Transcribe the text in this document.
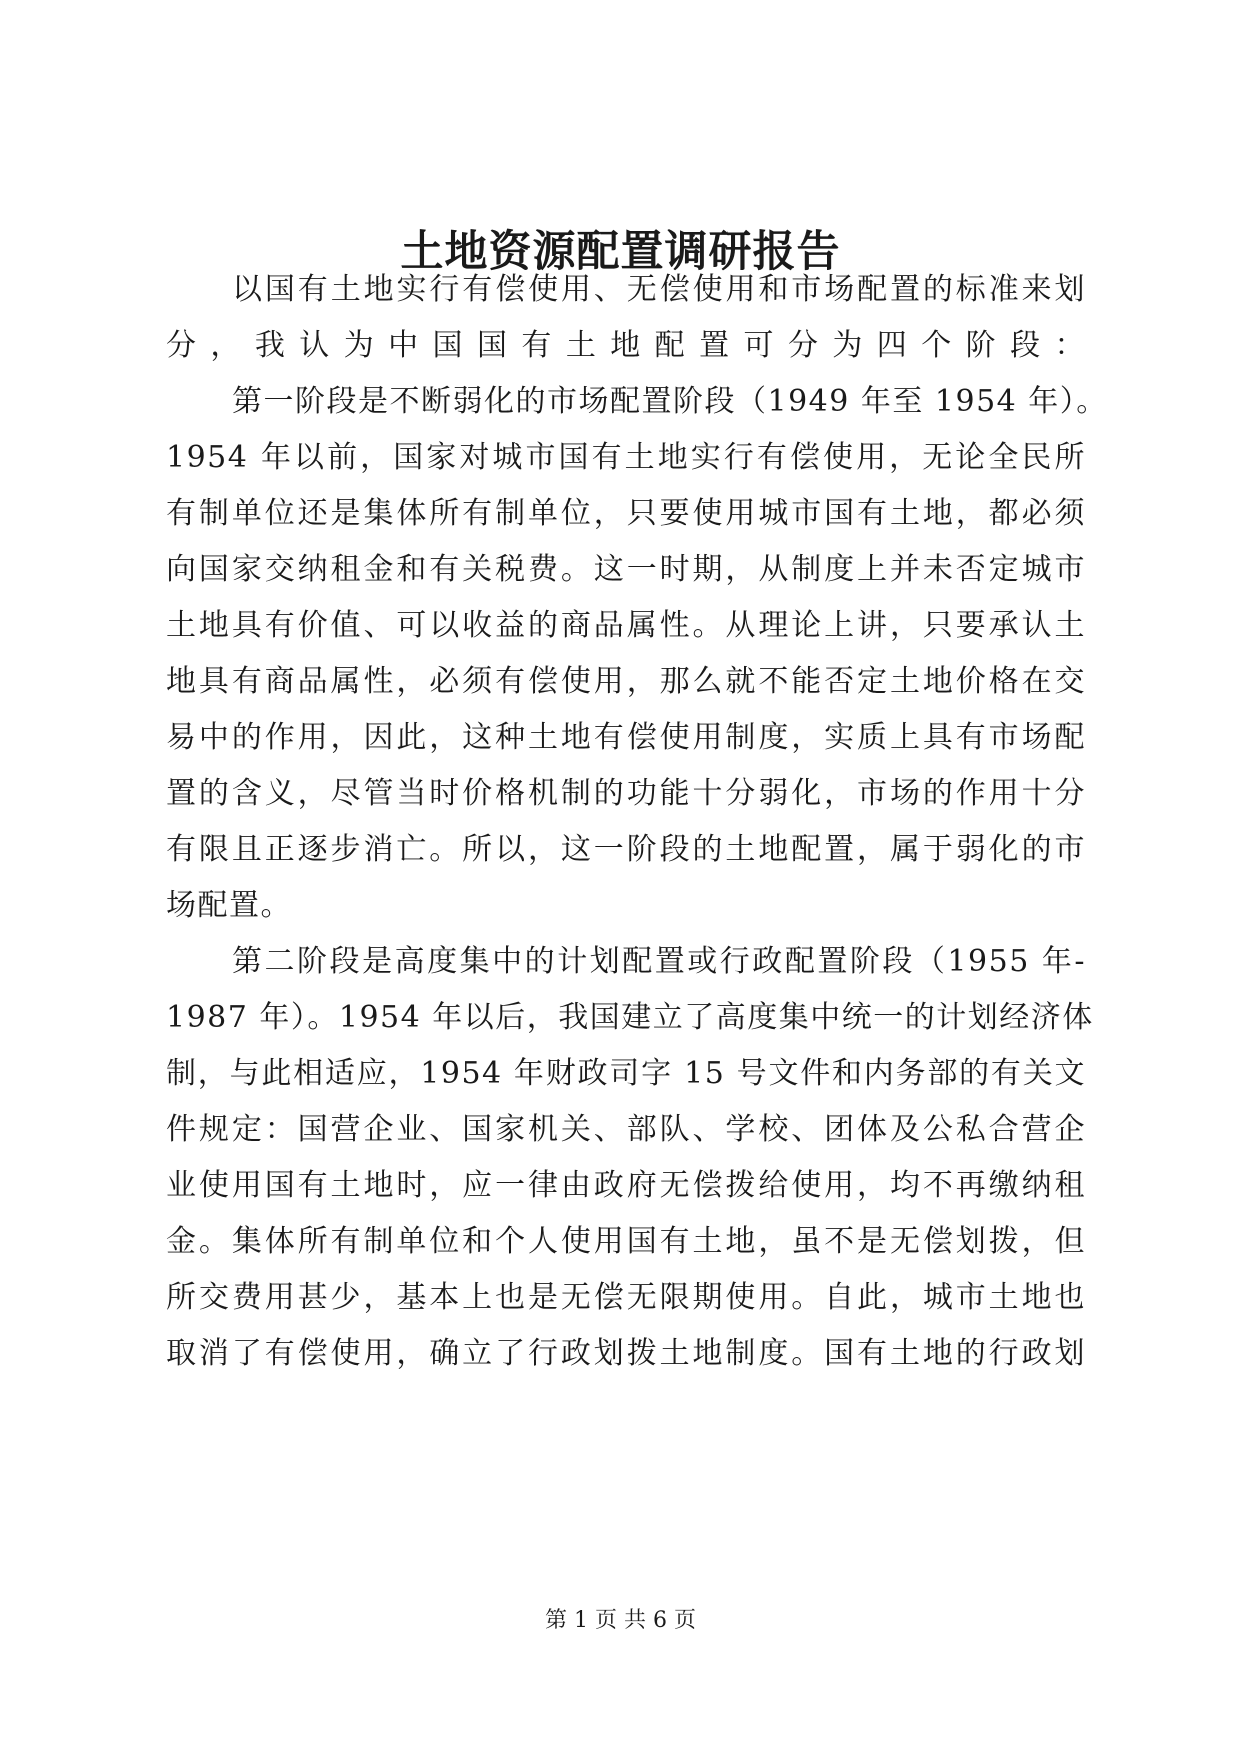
土地资源配置调研报告
以国有土地实行有偿使用、无偿使用和市场配置的标准来划
分，我认为中国国有土地配置可分为四个阶段：
第一阶段是不断弱化的市场配置阶段（1949 年至 1954 年）。
1954 年以前，国家对城市国有土地实行有偿使用，无论全民所
有制单位还是集体所有制单位，只要使用城市国有土地，都必须
向国家交纳租金和有关税费。这一时期，从制度上并未否定城市
土地具有价值、可以收益的商品属性。从理论上讲，只要承认土
地具有商品属性，必须有偿使用，那么就不能否定土地价格在交
易中的作用，因此，这种土地有偿使用制度，实质上具有市场配
置的含义，尽管当时价格机制的功能十分弱化，市场的作用十分
有限且正逐步消亡。所以，这一阶段的土地配置，属于弱化的市
场配置。
第二阶段是高度集中的计划配置或行政配置阶段（1955 年-
1987 年）。1954 年以后，我国建立了高度集中统一的计划经济体
制，与此相适应，1954 年财政司字 15 号文件和内务部的有关文
件规定：国营企业、国家机关、部队、学校、团体及公私合营企
业使用国有土地时，应一律由政府无偿拨给使用，均不再缴纳租
金。集体所有制单位和个人使用国有土地，虽不是无偿划拨，但
所交费用甚少，基本上也是无偿无限期使用。自此，城市土地也
取消了有偿使用，确立了行政划拨土地制度。国有土地的行政划
第 1 页 共 6 页
